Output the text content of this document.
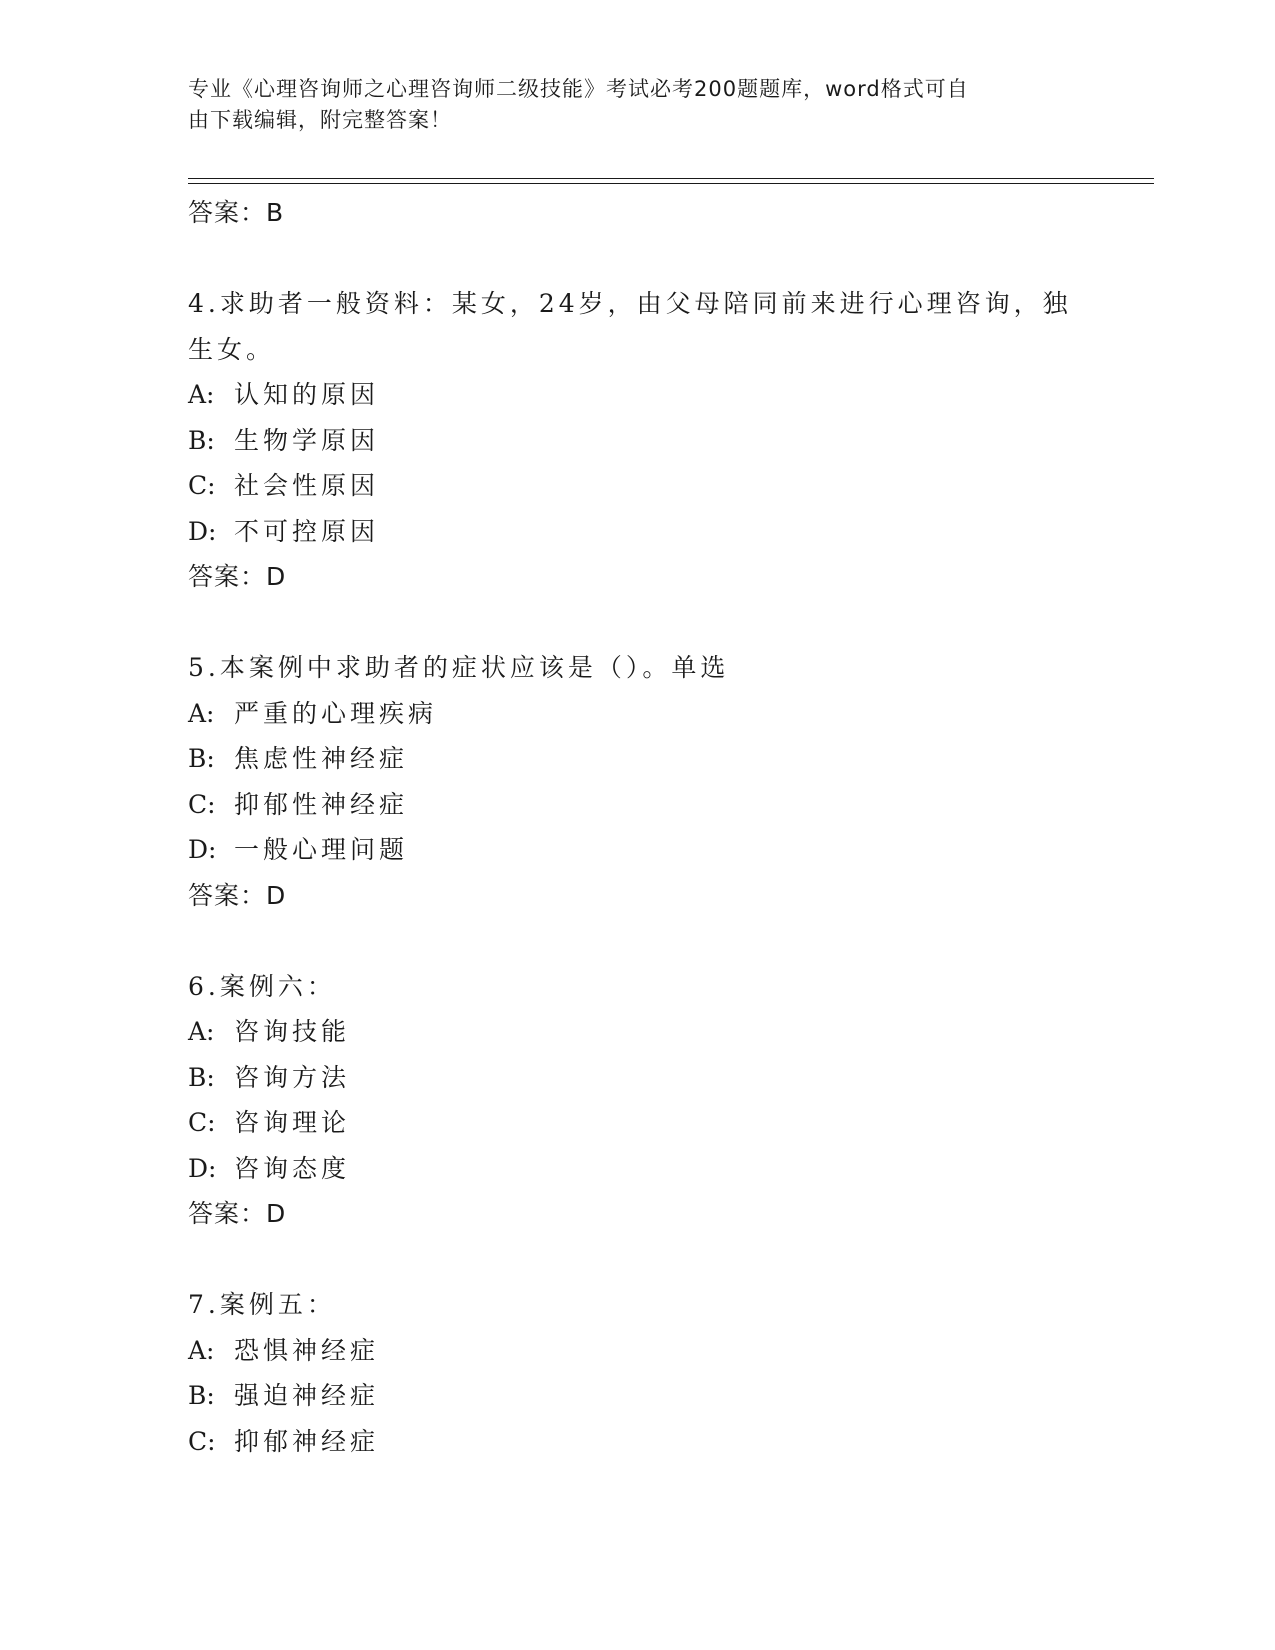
专业《心理咨询师之心理咨询师二级技能》考试必考200题题库，word格式可自
由下载编辑，附完整答案！
答案：B
4.求助者一般资料：某女，24岁，由父母陪同前来进行心理咨询，独
生女。
A: 认知的原因
B: 生物学原因
C: 社会性原因
D: 不可控原因
答案：D
5.本案例中求助者的症状应该是（）。单选
A: 严重的心理疾病
B: 焦虑性神经症
C: 抑郁性神经症
D: 一般心理问题
答案：D
6.案例六：
A: 咨询技能
B: 咨询方法
C: 咨询理论
D: 咨询态度
答案：D
7.案例五：
A: 恐惧神经症
B: 强迫神经症
C: 抑郁神经症
